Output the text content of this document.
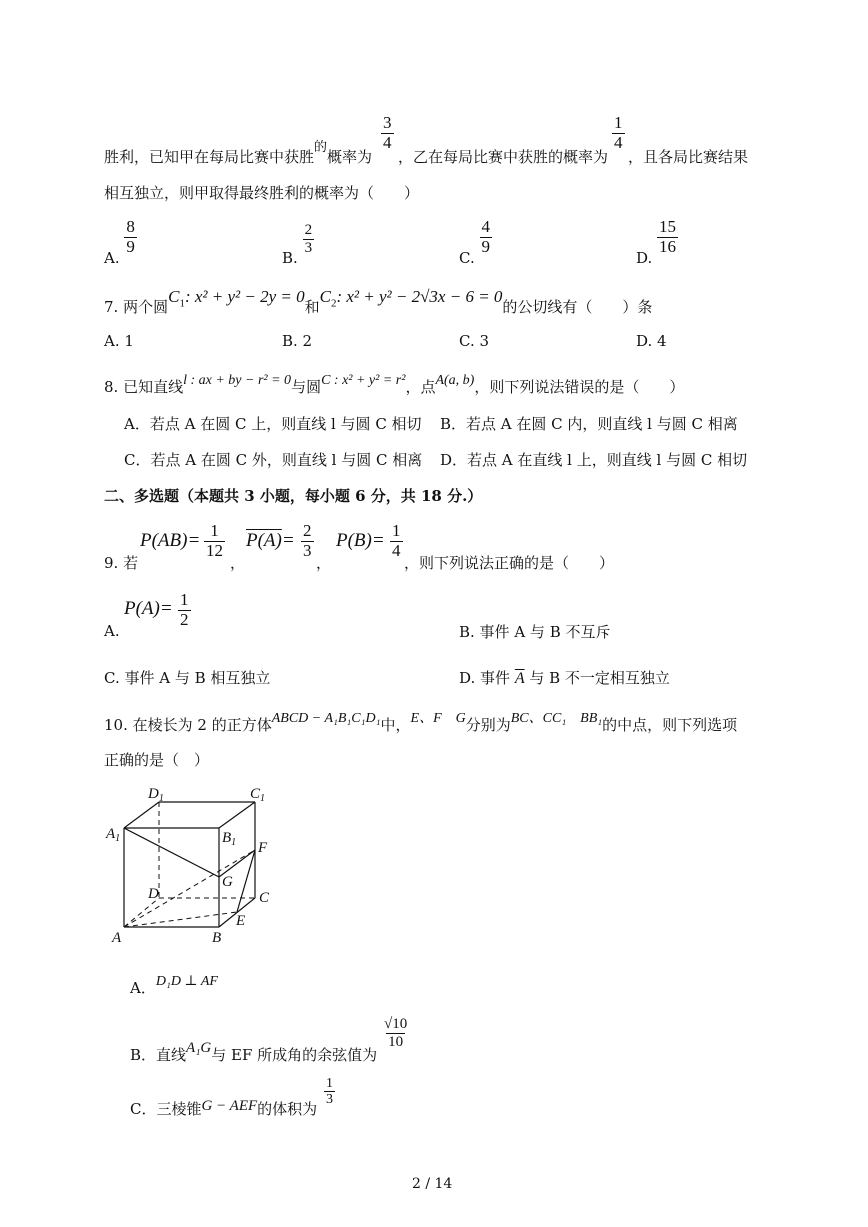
胜利，已知甲在每局比赛中获胜的概率为
$\frac{3}{4}$
，乙在每局比赛中获胜的概率为
$\frac{1}{4}$
，且各局比赛结果
相互独立，则甲取得最终胜利的概率为（　　）
A.
$\frac{8}{9}$
B.
$\frac{2}{3}$
C.
$\frac{4}{9}$
D.
$\frac{15}{16}$
7. 两个圆$C_1$: x² + y² − 2y = 0和$C_2$: x² + y² − 2√3x − 6 = 0的公切线有（　　）条
A. 1	B. 2	C. 3	D. 4
8. 已知直线l : ax + by − r² = 0与圆C : x² + y² = r²，点A(a, b)，则下列说法错误的是（　　）
A．若点 A 在圆 C 上，则直线 l 与圆 C 相切 B．若点 A 在圆 C 内，则直线 l 与圆 C 相离
C．若点 A 在圆 C 外，则直线 l 与圆 C 相离 D．若点 A 在直线 l 上，则直线 l 与圆 C 相切
二、多选题（本题共 3 小题，每小题 6 分，共 18 分.）
9. 若
$P(AB)= \frac{1}{12}$
，
$P(A)= \frac{2}{3}$
，
$P(B)= \frac{1}{4}$
，则下列说法正确的是（　　）
A.
$P(A)= \frac{1}{2}$
B. 事件 A 与 B 不互斥
C. 事件 A 与 B 相互独立	D. 事件 $\overline{A}$ 与 B 不一定相互独立
10. 在棱长为 2 的正方体ABCD − A₁B₁C₁D₁中，E、F　G分别为BC、CC₁　BB₁的中点，则下列选项
正确的是（　）
$D_1$	$C_1$
$A_1$	$B_1$ F
G
D	C
E
A	B
A．D₁D ⊥ AF
B．直线A₁G与 EF 所成角的余弦值为
$\frac{√10}{10}$
C．三棱锥G − AEF的体积为
$\frac{1}{3}$
2 / 14
